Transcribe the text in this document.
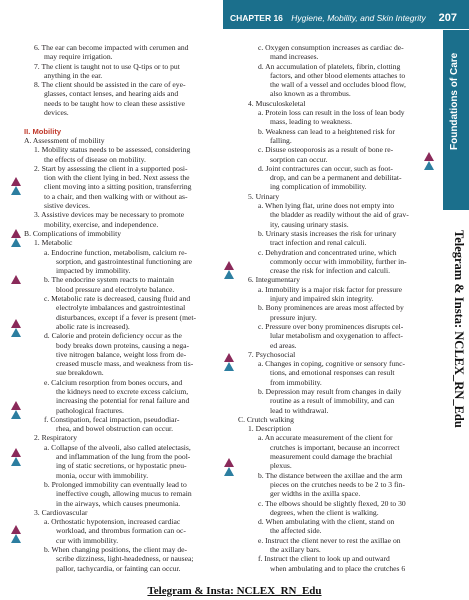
CHAPTER 16 Hygiene, Mobility, and Skin Integrity 207
Foundations of Care
Telegram & Insta: NCLEX_RN_Edu
6. The ear can become impacted with cerumen and
may require irrigation.
7. The client is taught not to use Q-tips or to put
anything in the ear.
8. The client should be assisted in the care of eye-
glasses, contact lenses, and hearing aids and
needs to be taught how to clean these assistive
devices.

II. Mobility
A. Assessment of mobility
1. Mobility status needs to be assessed, considering
the effects of disease on mobility.
2. Start by assessing the client in a supported posi-
tion with the client lying in bed. Next assess the
client moving into a sitting position, transferring
to a chair, and then walking with or without as-
sistive devices.
3. Assistive devices may be necessary to promote
mobility, exercise, and independence.
B. Complications of immobility
1. Metabolic
a. Endocrine function, metabolism, calcium re-
sorption, and gastrointestinal functioning are
impacted by immobility.
b. The endocrine system reacts to maintain
blood pressure and electrolyte balance.
c. Metabolic rate is decreased, causing fluid and
electrolyte imbalances and gastrointestinal
disturbances, except if a fever is present (met-
abolic rate is increased).
d. Calorie and protein deficiency occur as the
body breaks down proteins, causing a nega-
tive nitrogen balance, weight loss from de-
creased muscle mass, and weakness from tis-
sue breakdown.
e. Calcium resorption from bones occurs, and
the kidneys need to excrete excess calcium,
increasing the potential for renal failure and
pathological fractures.
f. Constipation, fecal impaction, pseudodiar-
rhea, and bowel obstruction can occur.
2. Respiratory
a. Collapse of the alveoli, also called atelectasis,
and inflammation of the lung from the pool-
ing of static secretions, or hypostatic pneu-
monia, occur with immobility.
b. Prolonged immobility can eventually lead to
ineffective cough, allowing mucus to remain
in the airways, which causes pneumonia.
3. Cardiovascular
a. Orthostatic hypotension, increased cardiac
workload, and thrombus formation can oc-
cur with immobility.
b. When changing positions, the client may de-
scribe dizziness, light-headedness, or nausea;
pallor, tachycardia, or fainting can occur.
c. Oxygen consumption increases as cardiac de-
mand increases.
d. An accumulation of platelets, fibrin, clotting
factors, and other blood elements attaches to
the wall of a vessel and occludes blood flow,
also known as a thrombus.
4. Musculoskeletal
a. Protein loss can result in the loss of lean body
mass, leading to weakness.
b. Weakness can lead to a heightened risk for
falling.
c. Disuse osteoporosis as a result of bone re-
sorption can occur.
d. Joint contractures can occur, such as foot-
drop, and can be a permanent and debilitat-
ing complication of immobility.
5. Urinary
a. When lying flat, urine does not empty into
the bladder as readily without the aid of grav-
ity, causing urinary stasis.
b. Urinary stasis increases the risk for urinary
tract infection and renal calculi.
c. Dehydration and concentrated urine, which
commonly occur with immobility, further in-
crease the risk for infection and calculi.
6. Integumentary
a. Immobility is a major risk factor for pressure
injury and impaired skin integrity.
b. Bony prominences are areas most affected by
pressure injury.
c. Pressure over bony prominences disrupts cel-
lular metabolism and oxygenation to affect-
ed areas.
7. Psychosocial
a. Changes in coping, cognitive or sensory func-
tions, and emotional responses can result
from immobility.
b. Depression may result from changes in daily
routine as a result of immobility, and can
lead to withdrawal.
C. Crutch walking
1. Description
a. An accurate measurement of the client for
crutches is important, because an incorrect
measurement could damage the brachial
plexus.
b. The distance between the axillae and the arm
pieces on the crutches needs to be 2 to 3 fin-
ger widths in the axilla space.
c. The elbows should be slightly flexed, 20 to 30
degrees, when the client is walking.
d. When ambulating with the client, stand on
the affected side.
e. Instruct the client never to rest the axillae on
the axillary bars.
f. Instruct the client to look up and outward
when ambulating and to place the crutches 6
Telegram & Insta: NCLEX_RN_Edu
